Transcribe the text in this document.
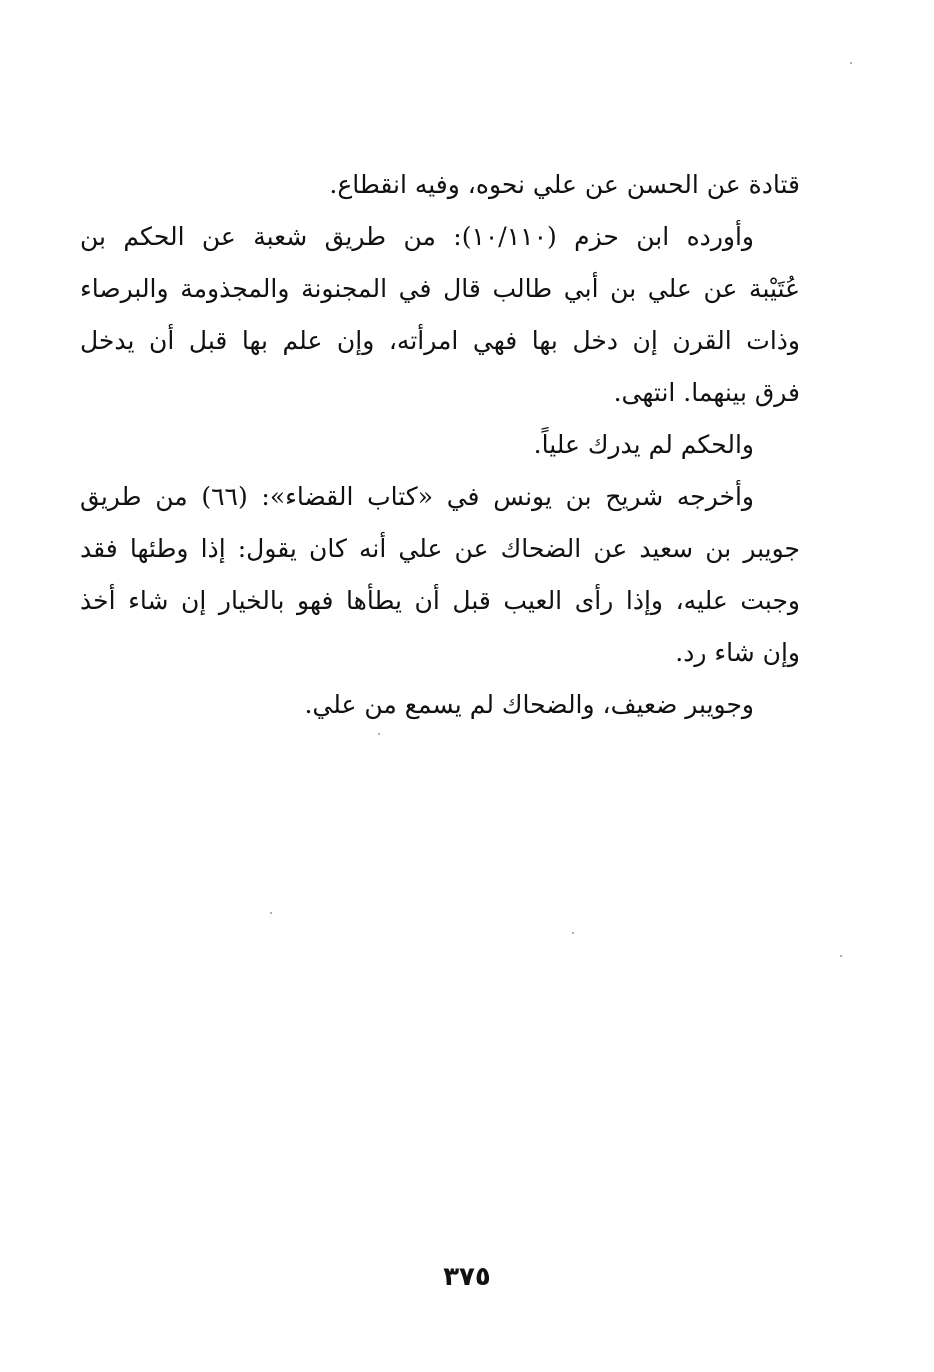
قتادة عن الحسن عن علي نحوه، وفيه انقطاع.
وأورده ابن حزم (١٠/١١٠): من طريق شعبة عن الحكم بن
عُتَيْبة عن علي بن أبي طالب قال في المجنونة والمجذومة والبرصاء
وذات القرن إن دخل بها فهي امرأته، وإن علم بها قبل أن يدخل
فرق بينهما. انتهى.
والحكم لم يدرك علياً.
وأخرجه شريح بن يونس في «كتاب القضاء»: (٦٦) من طريق
جويبر بن سعيد عن الضحاك عن علي أنه كان يقول: إذا وطئها فقد
وجبت عليه، وإذا رأى العيب قبل أن يطأها فهو بالخيار إن شاء أخذ
وإن شاء رد.
وجويبر ضعيف، والضحاك لم يسمع من علي.
٣٧٥
